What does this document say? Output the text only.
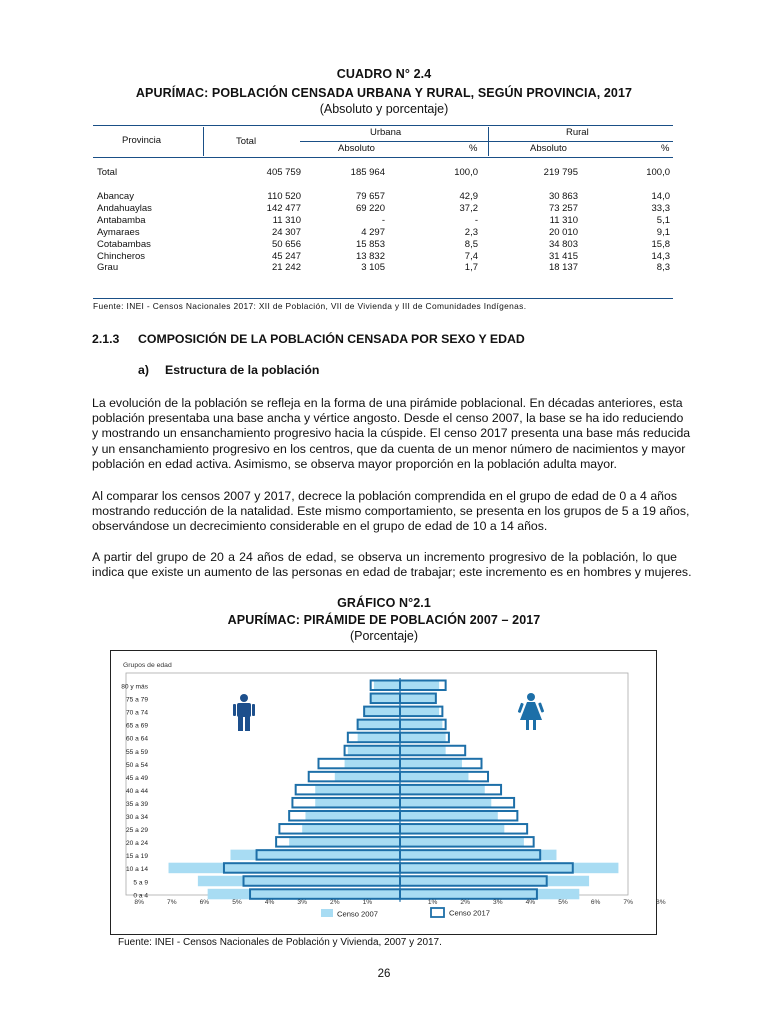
CUADRO N° 2.4
APURÍMAC: POBLACIÓN CENSADA URBANA Y RURAL, SEGÚN PROVINCIA, 2017
(Absoluto y porcentaje)
Provincia	Total
Urbana	Rural
Absoluto	%	Absoluto	%
Total	405 759	185 964	100,0	219 795	100,0
Abancay	110 520	79 657	42,9	30 863	14,0
Andahuaylas	142 477	69 220	37,2	73 257	33,3
Antabamba	11 310	-	-	11 310	5,1
Aymaraes	24 307	4 297	2,3	20 010	9,1
Cotabambas	50 656	15 853	8,5	34 803	15,8
Chincheros	45 247	13 832	7,4	31 415	14,3
Grau	21 242	3 105	1,7	18 137	8,3
Fuente: INEI - Censos Nacionales 2017: XII de Población, VII de Vivienda y III de Comunidades Indígenas.
2.1.3 COMPOSICIÓN DE LA POBLACIÓN CENSADA POR SEXO Y EDAD
a) Estructura de la población
La evolución de la población se refleja en la forma de una pirámide poblacional. En décadas anteriores, esta
población presentaba una base ancha y vértice angosto. Desde el censo 2007, la base se ha ido reduciendo
y mostrando un ensanchamiento progresivo hacia la cúspide. El censo 2017 presenta una base más reducida
y un ensanchamiento progresivo en los centros, que da cuenta de un menor número de nacimientos y mayor
población en edad activa. Asimismo, se observa mayor proporción en la población adulta mayor.
Al comparar los censos 2007 y 2017, decrece la población comprendida en el grupo de edad de 0 a 4 años
mostrando reducción de la natalidad. Este mismo comportamiento, se presenta en los grupos de 5 a 19 años,
observándose un decrecimiento considerable en el grupo de edad de 10 a 14 años.
A partir del grupo de 20 a 24 años de edad, se observa un incremento progresivo de la población, lo que
indica que existe un aumento de las personas en edad de trabajar; este incremento es en hombres y mujeres.
GRÁFICO N°2.1
APURÍMAC: PIRÁMIDE DE POBLACIÓN 2007 – 2017
(Porcentaje)
Grupos de edad
80 y más
75 a 79
70 a 74
65 a 69
60 a 64
55 a 59
50 a 54
45 a 49
40 a 44
35 a 39
30 a 34
25 a 29
20 a 24
15 a 19
10 a 14
5 a 9
0 a 4
8%	7%	6%	5%	4%	3%	2%	1%	1%	2%	3%	4%	5%	6%	7%	8%
Censo 2007	Censo 2017
Fuente: INEI - Censos Nacionales de Población y Vivienda, 2007 y 2017.
26
